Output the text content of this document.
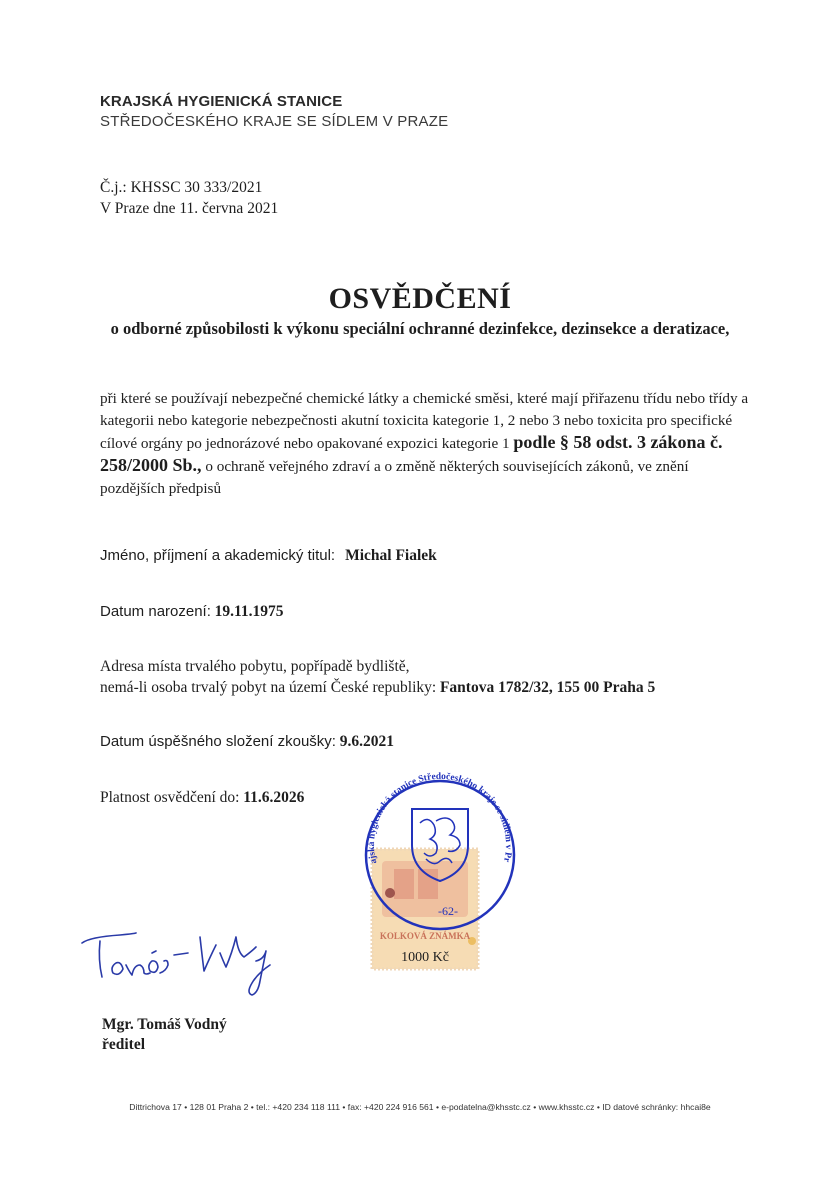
KRAJSKÁ HYGIENICKÁ STANICE
STŘEDOČESKÉHO KRAJE SE SÍDLEM V PRAZE
Č.j.: KHSSC 30 333/2021
V Praze dne 11. června 2021
OSVĚDČENÍ
o odborné způsobilosti k výkonu speciální ochranné dezinfekce, dezinsekce a deratizace,
při které se používají nebezpečné chemické látky a chemické směsi, které mají přiřazenu třídu nebo třídy a kategorii nebo kategorie nebezpečnosti akutní toxicita kategorie 1, 2 nebo 3 nebo toxicita pro specifické cílové orgány po jednorázové nebo opakované expozici kategorie 1 podle § 58 odst. 3 zákona č. 258/2000 Sb., o ochraně veřejného zdraví a o změně některých souvisejících zákonů, ve znění pozdějších předpisů
Jméno, příjmení a akademický titul: Michal Fialek
Datum narození: 19.11.1975
Adresa místa trvalého pobytu, popřípadě bydliště,
nemá-li osoba trvalý pobyt na území České republiky: Fantova 1782/32, 155 00 Praha 5
Datum úspěšného složení zkoušky: 9.6.2021
Platnost osvědčení do: 11.6.2026
KOLKOVÁ ZNÁMKA
1000 Kč
ajská hygienická stanice Středočeského kraje se sídlem v Pr
-62-
Mgr. Tomáš Vodný
ředitel
Dittrichova 17 • 128 01 Praha 2 • tel.: +420 234 118 111 • fax: +420 224 916 561 • e-podatelna@khsstc.cz • www.khsstc.cz • ID datové schránky: hhcai8e
